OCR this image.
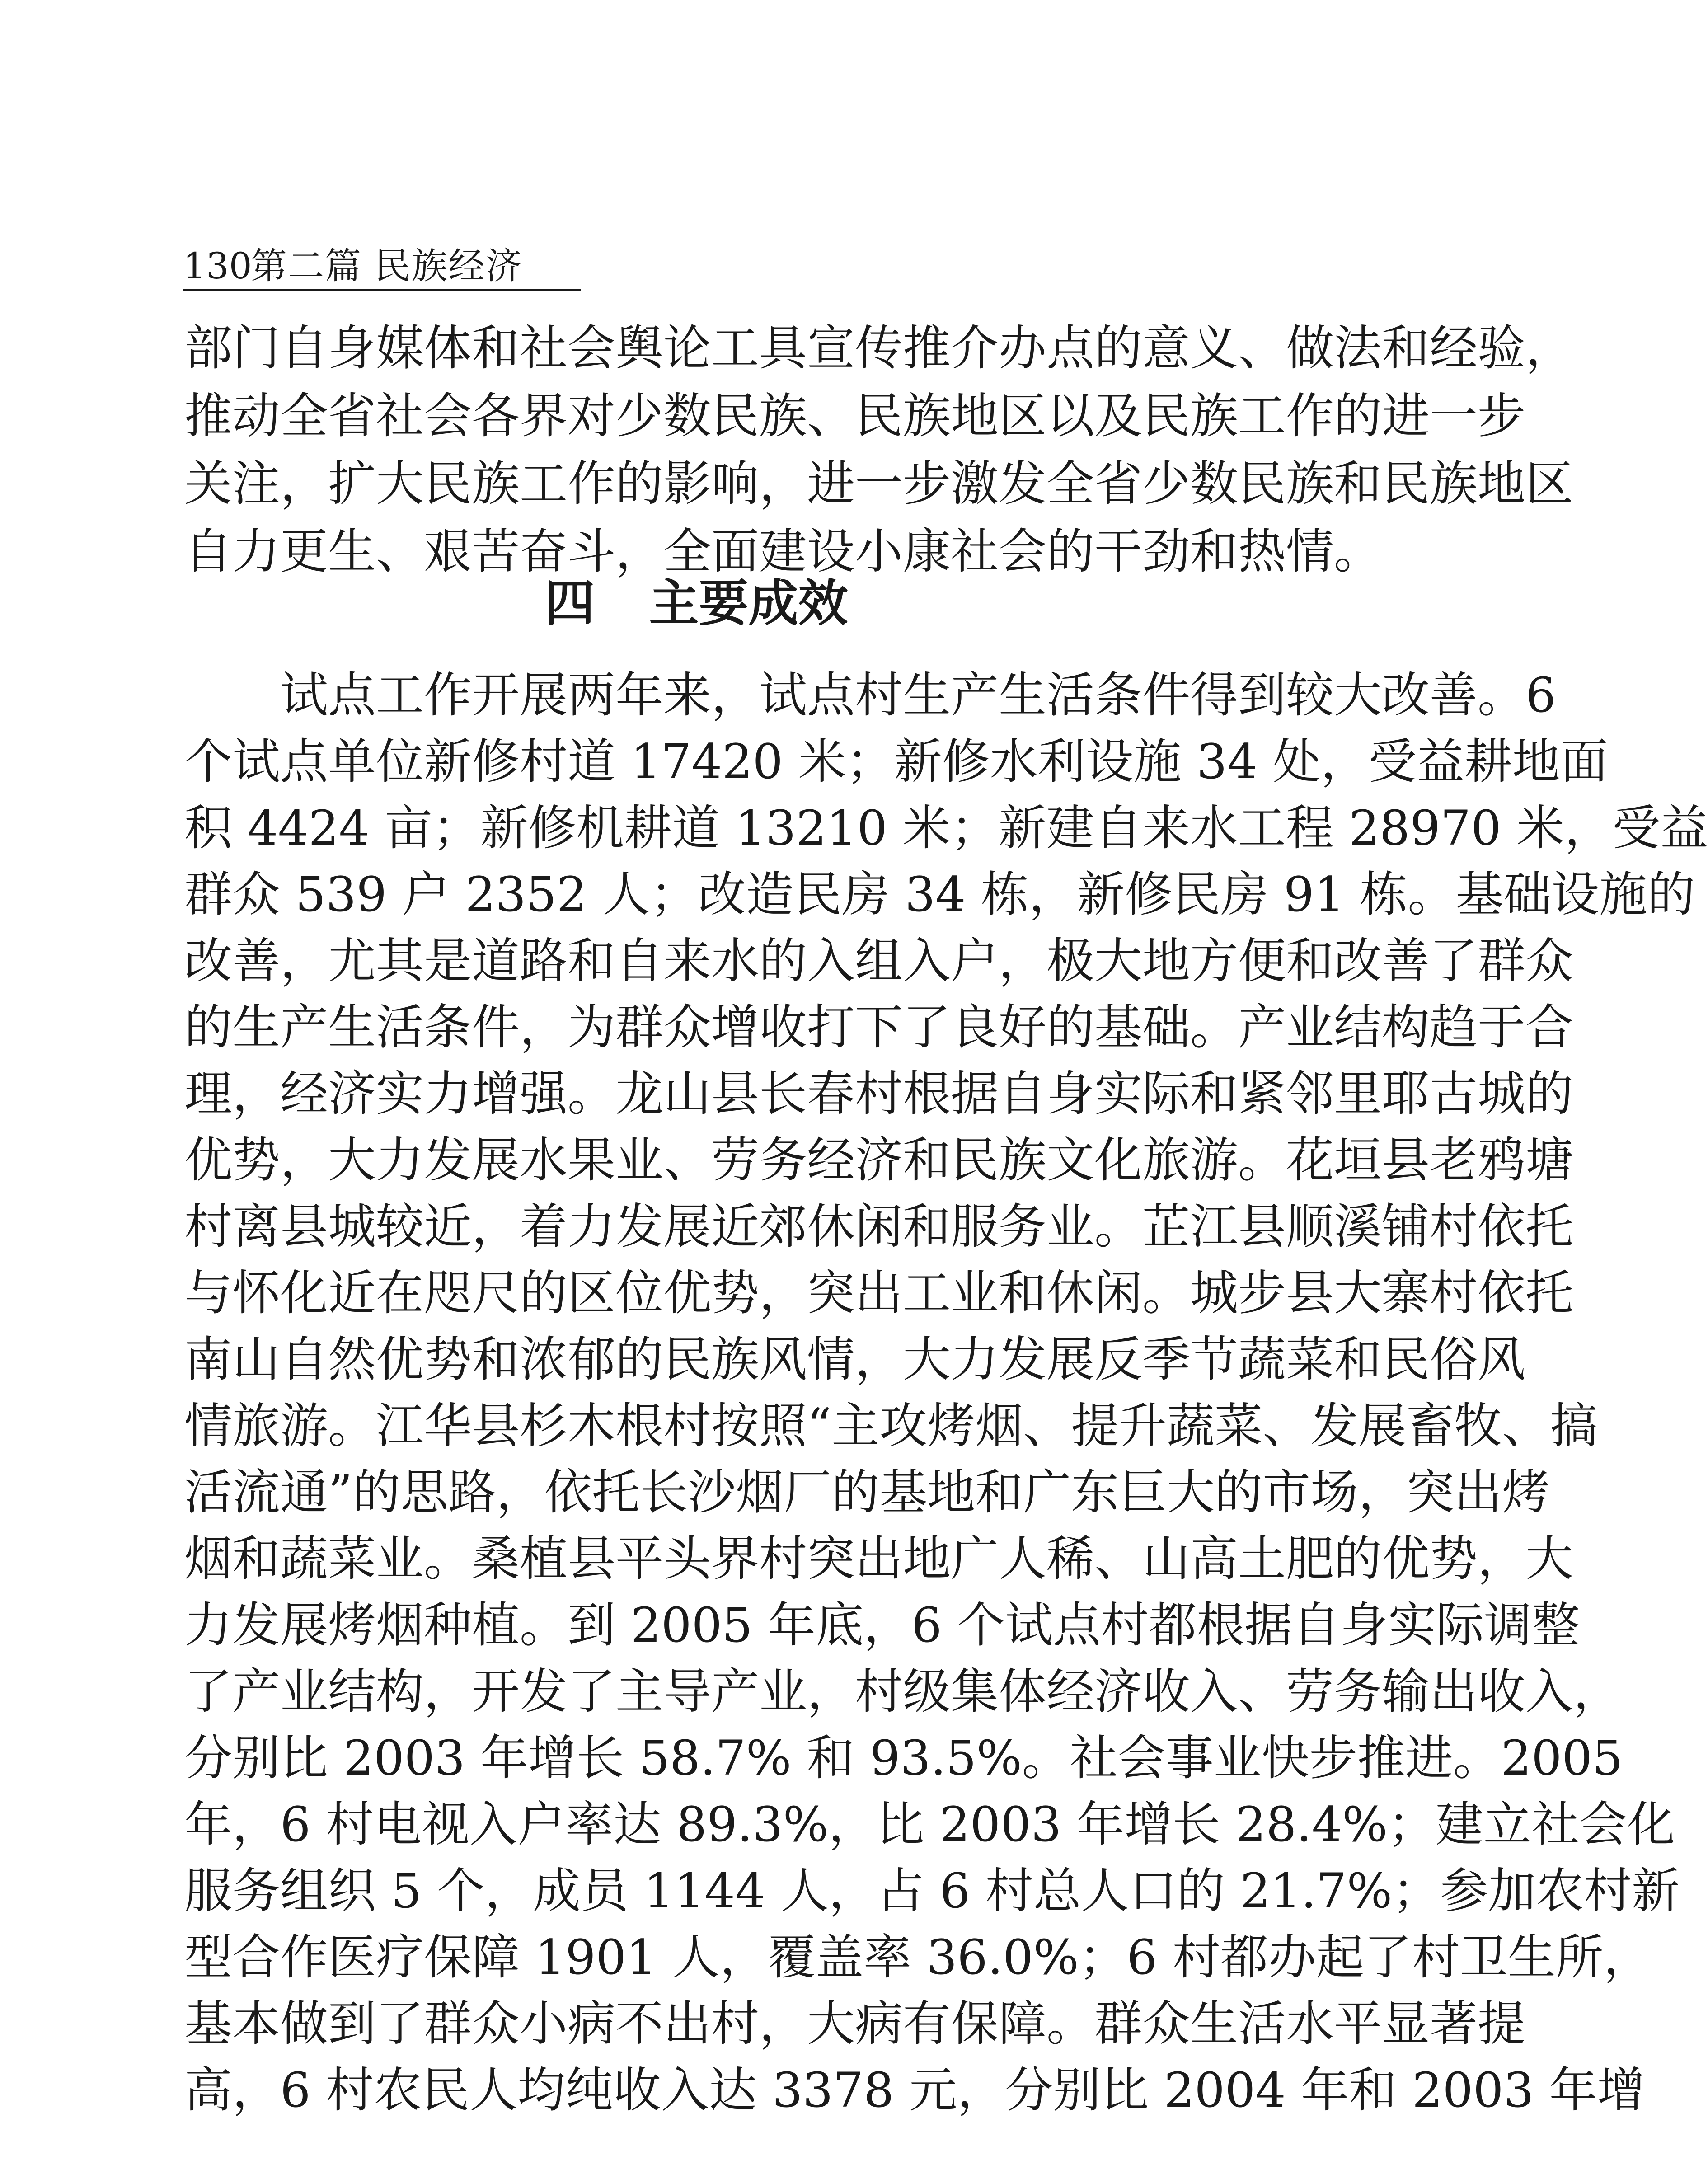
130
第二篇 民族经济
部门自身媒体和社会舆论工具宣传推介办点的意义、做法和经验，
推动全省社会各界对少数民族、民族地区以及民族工作的进一步
关注，扩大民族工作的影响，进一步激发全省少数民族和民族地区
自力更生、艰苦奋斗，全面建设小康社会的干劲和热情。
四 主要成效
　　试点工作开展两年来，试点村生产生活条件得到较大改善。6
个试点单位新修村道 17420 米；新修水利设施 34 处，受益耕地面
积 4424 亩；新修机耕道 13210 米；新建自来水工程 28970 米，受益
群众 539 户 2352 人；改造民房 34 栋，新修民房 91 栋。基础设施的
改善，尤其是道路和自来水的入组入户，极大地方便和改善了群众
的生产生活条件，为群众增收打下了良好的基础。产业结构趋于合
理，经济实力增强。龙山县长春村根据自身实际和紧邻里耶古城的
优势，大力发展水果业、劳务经济和民族文化旅游。花垣县老鸦塘
村离县城较近，着力发展近郊休闲和服务业。芷江县顺溪铺村依托
与怀化近在咫尺的区位优势，突出工业和休闲。城步县大寨村依托
南山自然优势和浓郁的民族风情，大力发展反季节蔬菜和民俗风
情旅游。江华县杉木根村按照“主攻烤烟、提升蔬菜、发展畜牧、搞
活流通”的思路，依托长沙烟厂的基地和广东巨大的市场，突出烤
烟和蔬菜业。桑植县平头界村突出地广人稀、山高土肥的优势，大
力发展烤烟种植。到 2005 年底，6 个试点村都根据自身实际调整
了产业结构，开发了主导产业，村级集体经济收入、劳务输出收入，
分别比 2003 年增长 58.7% 和 93.5%。社会事业快步推进。2005
年，6 村电视入户率达 89.3%，比 2003 年增长 28.4%；建立社会化
服务组织 5 个，成员 1144 人，占 6 村总人口的 21.7%；参加农村新
型合作医疗保障 1901 人，覆盖率 36.0%；6 村都办起了村卫生所，
基本做到了群众小病不出村，大病有保障。群众生活水平显著提
高，6 村农民人均纯收入达 3378 元，分别比 2004 年和 2003 年增
